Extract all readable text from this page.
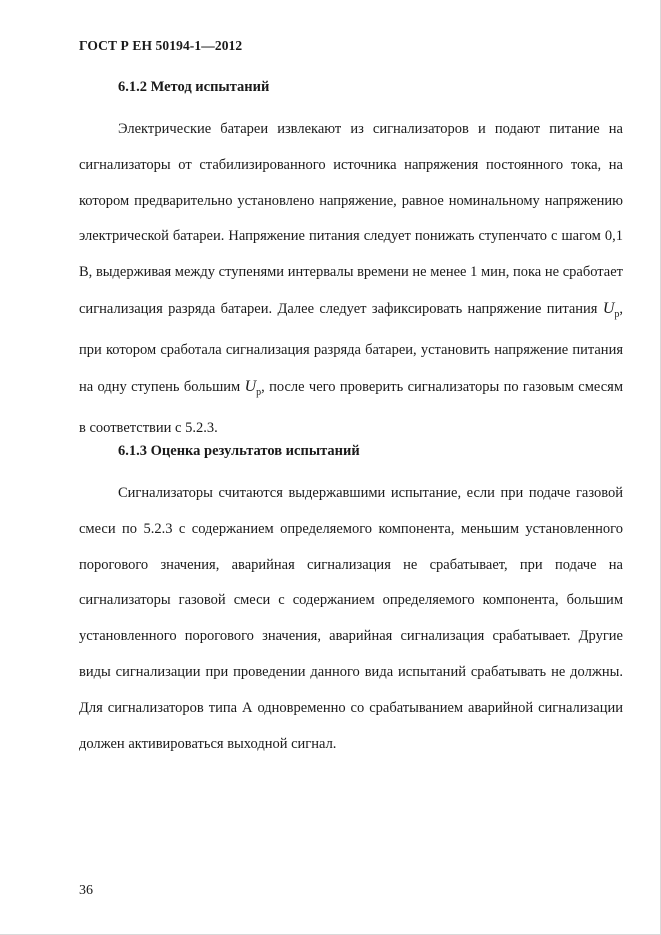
ГОСТ Р ЕН 50194-1—2012
6.1.2 Метод испытаний

Электрические батареи извлекают из сигнализаторов и подают питание на сигнализаторы от стабилизированного источника напряжения постоянного тока, на котором предварительно установлено напряжение, равное номинальному напряжению электрической батареи. Напряжение питания следует понижать ступенчато с шагом 0,1 В, выдерживая между ступенями интервалы времени не менее 1 мин, пока не сработает сигнализация разряда батареи. Далее следует зафиксировать напряжение питания $U_p$, при котором сработала сигнализация разряда батареи, установить напряжение питания на одну ступень большим $U_p$, после чего проверить сигнализаторы по газовым смесям в соответствии с 5.2.3.

6.1.3 Оценка результатов испытаний

Сигнализаторы считаются выдержавшими испытание, если при подаче газовой смеси по 5.2.3 с содержанием определяемого компонента, меньшим установленного порогового значения, аварийная сигнализация не срабатывает, при подаче на сигнализаторы газовой смеси с содержанием определяемого компонента, большим установленного порогового значения, аварийная сигнализация срабатывает. Другие виды сигнализации при проведении данного вида испытаний срабатывать не должны. Для сигнализаторов типа А одновременно со срабатыванием аварийной сигнализации должен активироваться выходной сигнал.

36
